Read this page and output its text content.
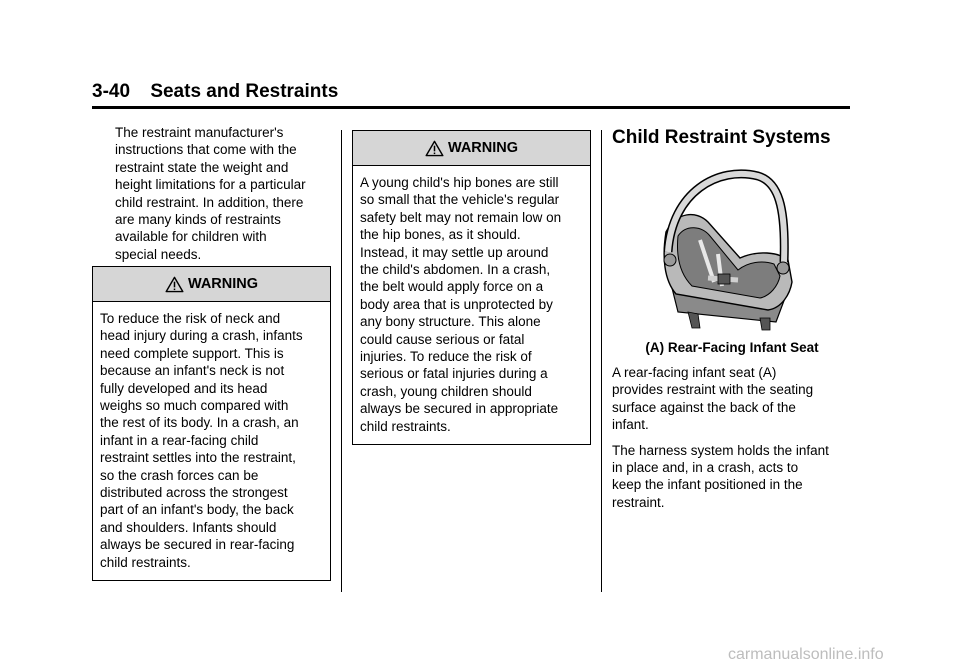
3-40 Seats and Restraints

The restraint manufacturer's
instructions that come with the
restraint state the weight and
height limitations for a particular
child restraint. In addition, there
are many kinds of restraints
available for children with
special needs.

WARNING
To reduce the risk of neck and
head injury during a crash, infants
need complete support. This is
because an infant's neck is not
fully developed and its head
weighs so much compared with
the rest of its body. In a crash, an
infant in a rear-facing child
restraint settles into the restraint,
so the crash forces can be
distributed across the strongest
part of an infant's body, the back
and shoulders. Infants should
always be secured in rear-facing
child restraints.
WARNING
A young child's hip bones are still
so small that the vehicle's regular
safety belt may not remain low on
the hip bones, as it should.
Instead, it may settle up around
the child's abdomen. In a crash,
the belt would apply force on a
body area that is unprotected by
any bony structure. This alone
could cause serious or fatal
injuries. To reduce the risk of
serious or fatal injuries during a
crash, young children should
always be secured in appropriate
child restraints.
Child Restraint Systems
(A) Rear-Facing Infant Seat

A rear-facing infant seat (A)
provides restraint with the seating
surface against the back of the
infant.

The harness system holds the infant
in place and, in a crash, acts to
keep the infant positioned in the
restraint.

carmanualsonline.info
